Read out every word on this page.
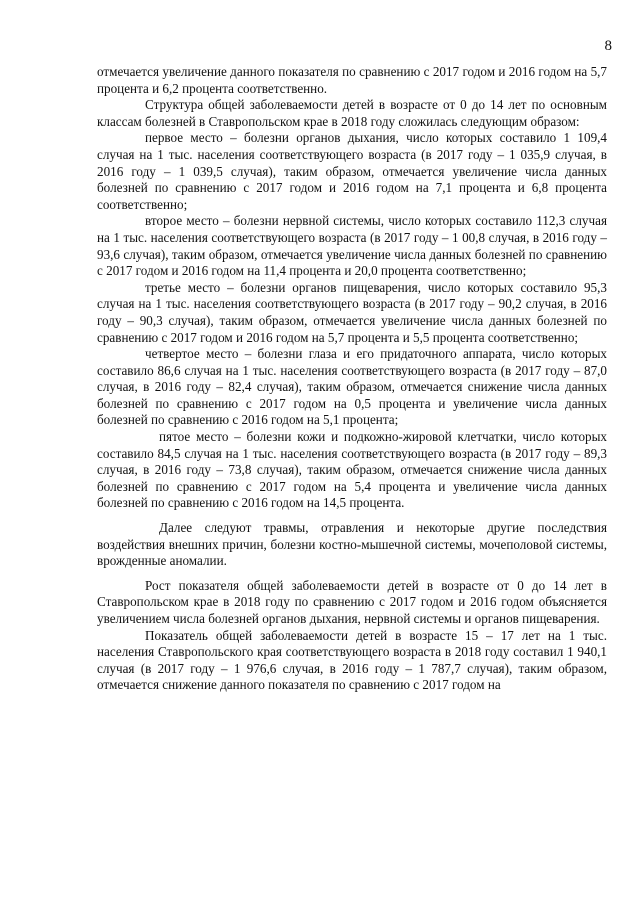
8

отмечается увеличение данного показателя по сравнению с 2017 годом и 2016 годом на 5,7 процента и 6,2 процента соответственно.

Структура общей заболеваемости детей в возрасте от 0 до 14 лет по основным классам болезней в Ставропольском крае в 2018 году сложилась следующим образом:

первое место – болезни органов дыхания, число которых составило 1 109,4 случая на 1 тыс. населения соответствующего возраста (в 2017 году – 1 035,9 случая, в 2016 году – 1 039,5 случая), таким образом, отмечается увеличение числа данных болезней по сравнению с 2017 годом и 2016 годом на 7,1 процента и 6,8 процента соответственно;

второе место – болезни нервной системы, число которых составило 112,3 случая на 1 тыс. населения соответствующего возраста (в 2017 году – 1 00,8 случая, в 2016 году – 93,6 случая), таким образом, отмечается увеличение числа данных болезней по сравнению с 2017 годом и 2016 годом на 11,4 процента и 20,0 процента соответственно;

третье место – болезни органов пищеварения, число которых составило 95,3 случая на 1 тыс. населения соответствующего возраста (в 2017 году – 90,2 случая, в 2016 году – 90,3 случая), таким образом, отмечается увеличение числа данных болезней по сравнению с 2017 годом и 2016 годом на 5,7 процента и 5,5 процента соответственно;

четвертое место – болезни глаза и его придаточного аппарата, число которых составило 86,6 случая на 1 тыс. населения соответствующего возраста (в 2017 году – 87,0 случая, в 2016 году – 82,4 случая), таким образом, отмечается снижение числа данных болезней по сравнению с 2017 годом на 0,5 процента и увеличение числа данных болезней по сравнению с 2016 годом на 5,1 процента;

пятое место – болезни кожи и подкожно-жировой клетчатки, число которых составило 84,5 случая на 1 тыс. населения соответствующего возраста (в 2017 году – 89,3 случая, в 2016 году – 73,8 случая), таким образом, отмечается снижение числа данных болезней по сравнению с 2017 годом на 5,4 процента и увеличение числа данных болезней по сравнению с 2016 годом на 14,5 процента.

Далее следуют травмы, отравления и некоторые другие последствия воздействия внешних причин, болезни костно-мышечной системы, мочеполовой системы, врожденные аномалии.

Рост показателя общей заболеваемости детей в возрасте от 0 до 14 лет в Ставропольском крае в 2018 году по сравнению с 2017 годом и 2016 годом объясняется увеличением числа болезней органов дыхания, нервной системы и органов пищеварения.

Показатель общей заболеваемости детей в возрасте 15 – 17 лет на 1 тыс. населения Ставропольского края соответствующего возраста в 2018 году составил 1 940,1 случая (в 2017 году – 1 976,6 случая, в 2016 году – 1 787,7 случая), таким образом, отмечается снижение данного показателя по сравнению с 2017 годом на
